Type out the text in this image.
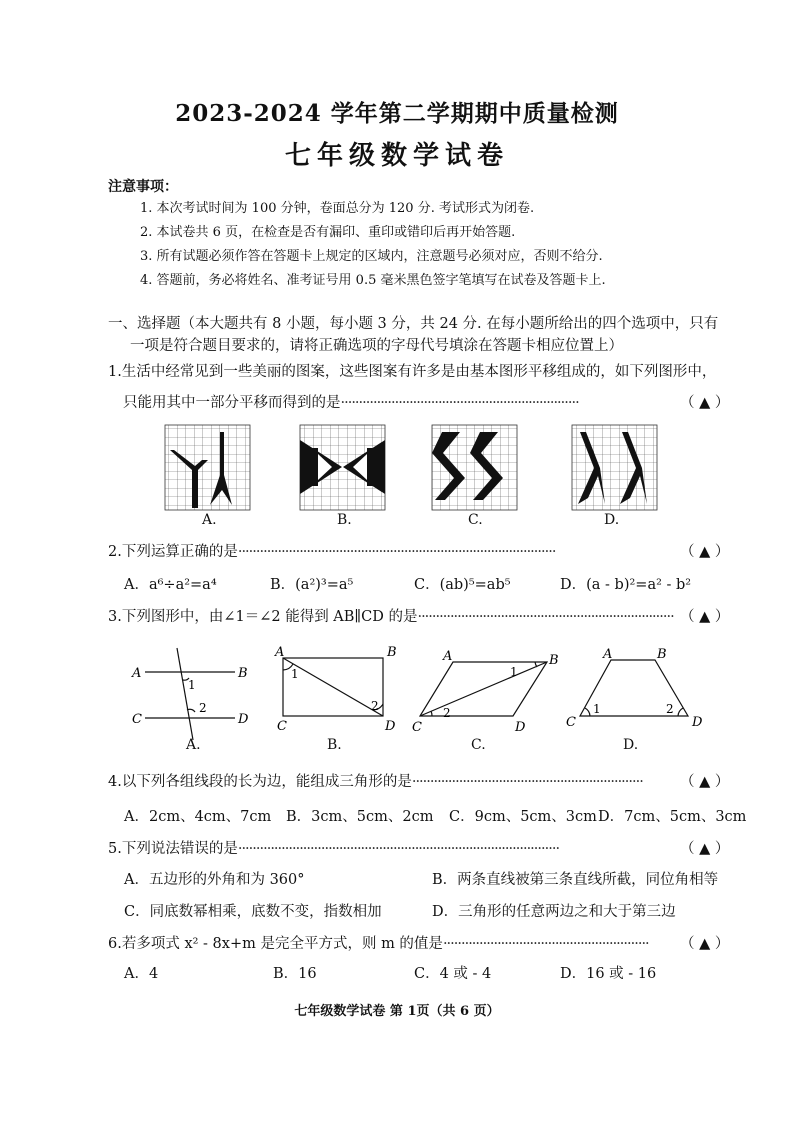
2023-2024 学年第二学期期中质量检测
七年级数学试卷
注意事项：
1. 本次考试时间为 100 分钟，卷面总分为 120 分. 考试形式为闭卷.
2. 本试卷共 6 页，在检查是否有漏印、重印或错印后再开始答题.
3. 所有试题必须作答在答题卡上规定的区域内，注意题号必须对应，否则不给分.
4. 答题前，务必将姓名、准考证号用 0.5 毫米黑色签字笔填写在试卷及答题卡上.
一、选择题（本大题共有 8 小题，每小题 3 分，共 24 分. 在每小题所给出的四个选项中，只有
一项是符合题目要求的，请将正确选项的字母代号填涂在答题卡相应位置上）
1.生活中经常见到一些美丽的图案，这些图案有许多是由基本图形平移组成的，如下列图形中，
只能用其中一部分平移而得到的是··································································	（ ▲ ）
A.	B.	C.	D.
2.下列运算正确的是························································································	（ ▲ ）
A．a⁶÷a²=a⁴	B．(a²)³=a⁵	C．(ab)⁵=ab⁵	D．(a - b)²=a² - b²
3.下列图形中，由∠1＝∠2 能得到 AB∥CD 的是······································································· （ ▲ ）
A	B
C	D
1
2
A	B
C	D
1
2
A	B
C	D
1
2
A	B
C	D
1	2
A.	B.	C.	D.
4.以下列各组线段的长为边，能组成三角形的是································································	（ ▲ ）
A．2cm、4cm、7cm B．3cm、5cm、2cm C．9cm、5cm、3cm D．7cm、5cm、3cm
5.下列说法错误的是·························································································	（ ▲ ）
A．五边形的外角和为 360°	B．两条直线被第三条直线所截，同位角相等
C．同底数幂相乘，底数不变，指数相加	D．三角形的任意两边之和大于第三边
6.若多项式 x² - 8x+m 是完全平方式，则 m 的值是························································· （ ▲ ）
A．4	B．16	C．4 或 - 4	D．16 或 - 16
七年级数学试卷 第 1页（共 6 页）
